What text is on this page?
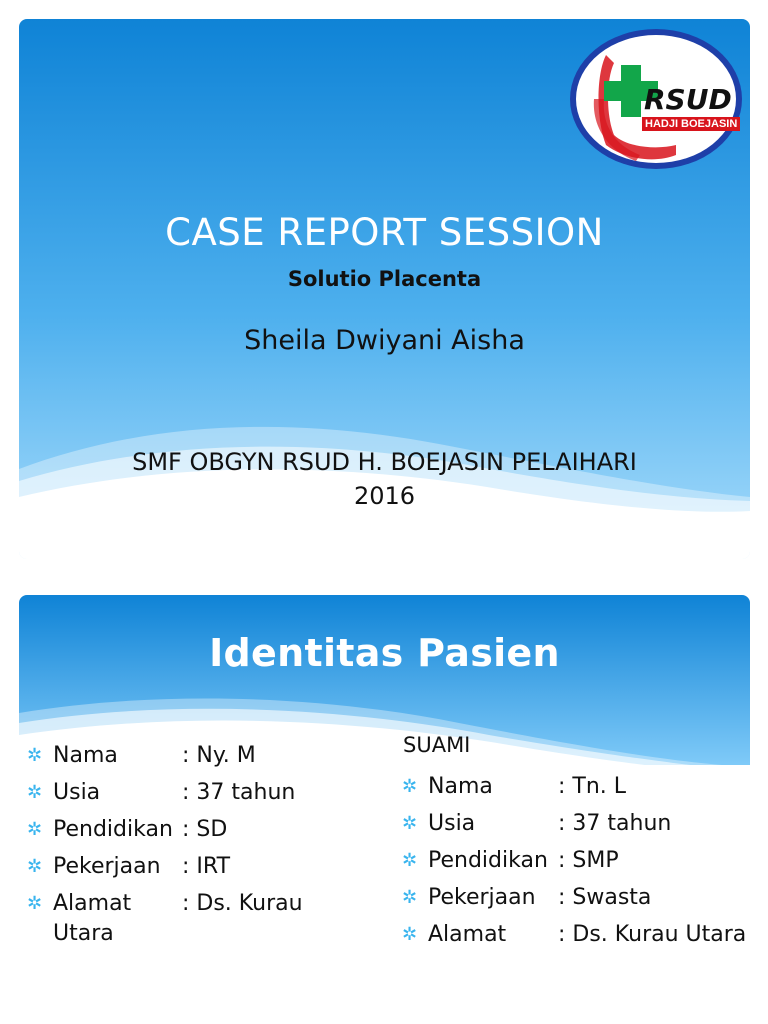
RSUD
HADJI BOEJASIN
CASE REPORT SESSION
Solutio Placenta
Sheila Dwiyani Aisha
SMF OBGYN RSUD H. BOEJASIN PELAIHARI
2016
Identitas Pasien
✲ Nama	: Ny. M
✲ Usia	: 37 tahun
✲ Pendidikan : SD
✲ Pekerjaan : IRT
✲ Alamat : Ds. Kurau
Utara
SUAMI
✲ Nama	: Tn. L
✲ Usia	: 37 tahun
✲ Pendidikan : SMP
✲ Pekerjaan : Swasta
✲ Alamat : Ds. Kurau Utara
